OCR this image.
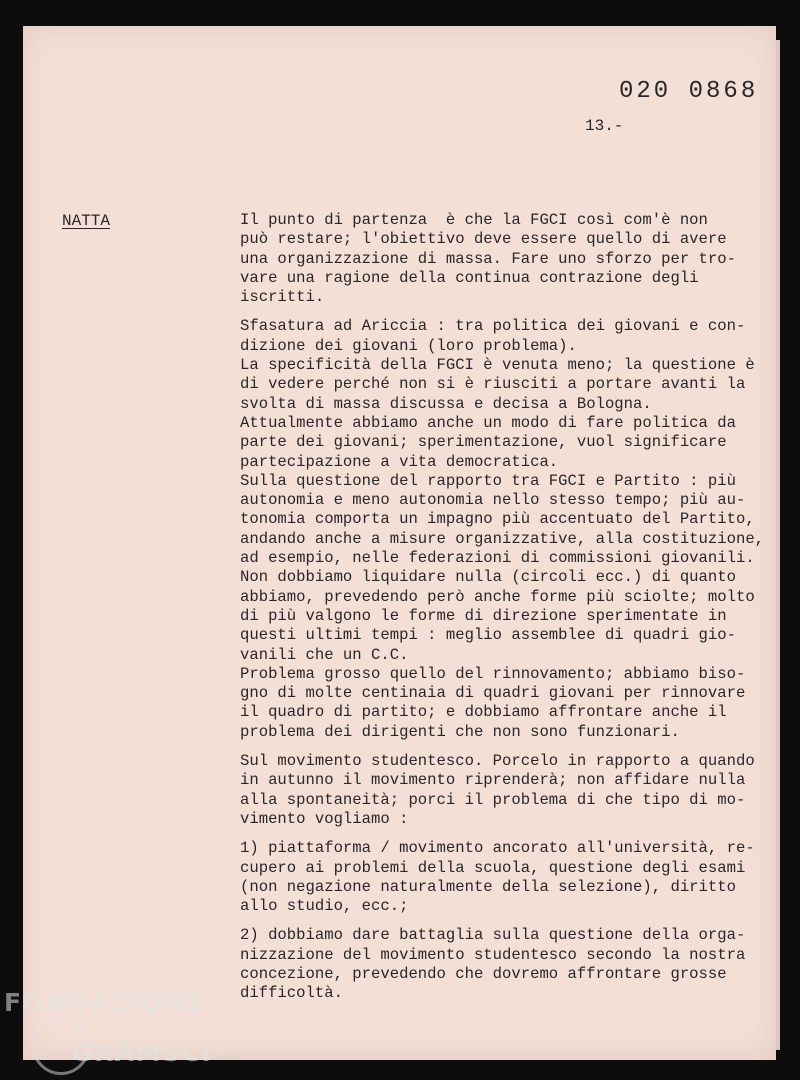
020 0868
13.-
NATTA	Il punto di partenza  è che la FGCI così com'è non
può restare; l'obiettivo deve essere quello di avere
una organizzazione di massa. Fare uno sforzo per tro-
vare una ragione della continua contrazione degli
iscritti.
Sfasatura ad Ariccia : tra politica dei giovani e con-
dizione dei giovani (loro problema).
La specificità della FGCI è venuta meno; la questione è
di vedere perché non si è riusciti a portare avanti la
svolta di massa discussa e decisa a Bologna.
Attualmente abbiamo anche un modo di fare politica da
parte dei giovani; sperimentazione, vuol significare
partecipazione a vita democratica.
Sulla questione del rapporto tra FGCI e Partito : più
autonomia e meno autonomia nello stesso tempo; più au-
tonomia comporta un impagno più accentuato del Partito,
andando anche a misure organizzative, alla costituzione,
ad esempio, nelle federazioni di commissioni giovanili.
Non dobbiamo liquidare nulla (circoli ecc.) di quanto
abbiamo, prevedendo però anche forme più sciolte; molto
di più valgono le forme di direzione sperimentate in
questi ultimi tempi : meglio assemblee di quadri gio-
vanili che un C.C.
Problema grosso quello del rinnovamento; abbiamo biso-
gno di molte centinaia di quadri giovani per rinnovare
il quadro di partito; e dobbiamo affrontare anche il
problema dei dirigenti che non sono funzionari.
Sul movimento studentesco. Porcelo in rapporto a quando
in autunno il movimento riprenderà; non affidare nulla
alla spontaneità; porci il problema di che tipo di mo-
vimento vogliamo :
1) piattaforma / movimento ancorato all'università, re-
cupero ai problemi della scuola, questione degli esami
(non negazione naturalmente della selezione), diritto
allo studio, ecc.;
2) dobbiamo dare battaglia sulla questione della orga-
nizzazione del movimento studentesco secondo la nostra
concezione, prevedendo che dovremo affrontare grosse
difficoltà.
FONDAZIONE
GRAMSCI onlus
